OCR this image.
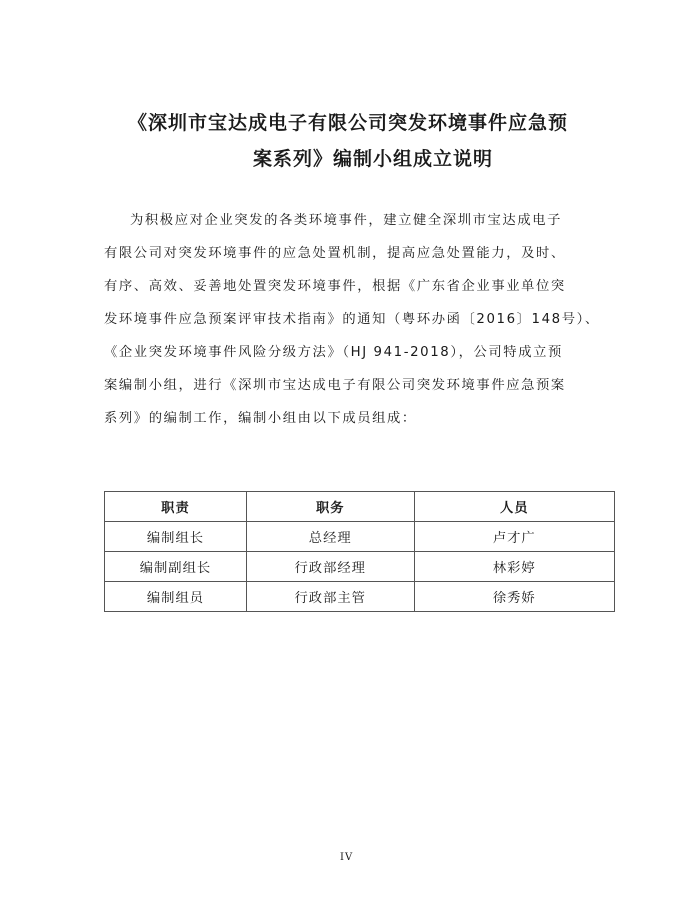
《深圳市宝达成电子有限公司突发环境事件应急预
案系列》编制小组成立说明
为积极应对企业突发的各类环境事件，建立健全深圳市宝达成电子
有限公司对突发环境事件的应急处置机制，提高应急处置能力，及时、
有序、高效、妥善地处置突发环境事件，根据《广东省企业事业单位突
发环境事件应急预案评审技术指南》的通知（粤环办函〔2016〕148号）、
《企业突发环境事件风险分级方法》（HJ 941-2018），公司特成立预
案编制小组，进行《深圳市宝达成电子有限公司突发环境事件应急预案
系列》的编制工作，编制小组由以下成员组成：
职责	职务	人员
编制组长	总经理	卢才广
编制副组长	行政部经理	林彩婷
编制组员	行政部主管	徐秀娇
IV
